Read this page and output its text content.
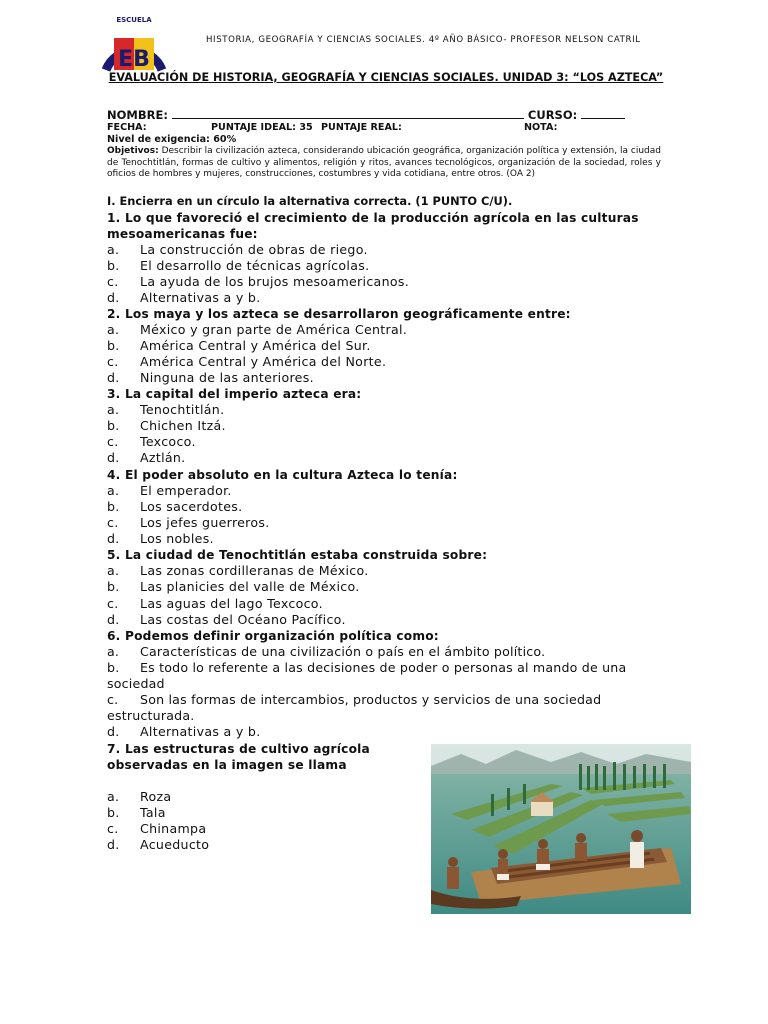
ESCUELA
EB
HISTORIA, GEOGRAFÍA Y CIENCIAS SOCIALES. 4º AÑO BÁSICO- PROFESOR NELSON CATRIL
EVALUACIÓN DE HISTORIA, GEOGRAFÍA Y CIENCIAS SOCIALES. UNIDAD 3: “LOS AZTECA”
NOMBRE:	CURSO:
FECHA:	PUNTAJE IDEAL: 35 PUNTAJE REAL:	NOTA:
Nivel de exigencia: 60%
Objetivos: Describir la civilización azteca, considerando ubicación geográfica, organización política y extensión, la ciudad de Tenochtitlán, formas de cultivo y alimentos, religión y ritos, avances tecnológicos, organización de la sociedad, roles y oficios de hombres y mujeres, construcciones, costumbres y vida cotidiana, entre otros. (OA 2)
I. Encierra en un círculo la alternativa correcta. (1 PUNTO C/U).
1. Lo que favoreció el crecimiento de la producción agrícola en las culturas mesoamericanas fue:
a. La construcción de obras de riego.
b. El desarrollo de técnicas agrícolas.
c. La ayuda de los brujos mesoamericanos.
d. Alternativas a y b.
2. Los maya y los azteca se desarrollaron geográficamente entre:
a. México y gran parte de América Central.
b. América Central y América del Sur.
c. América Central y América del Norte.
d. Ninguna de las anteriores.
3. La capital del imperio azteca era:
a. Tenochtitlán.
b. Chichen Itzá.
c. Texcoco.
d. Aztlán.
4. El poder absoluto en la cultura Azteca lo tenía:
a. El emperador.
b. Los sacerdotes.
c. Los jefes guerreros.
d. Los nobles.
5. La ciudad de Tenochtitlán estaba construida sobre:
a. Las zonas cordilleranas de México.
b. Las planicies del valle de México.
c. Las aguas del lago Texcoco.
d. Las costas del Océano Pacífico.
6. Podemos definir organización política como:
a. Características de una civilización o país en el ámbito político.
b. Es todo lo referente a las decisiones de poder o personas al mando de una sociedad
c. Son las formas de intercambios, productos y servicios de una sociedad estructurada.
d. Alternativas a y b.
7. Las estructuras de cultivo agrícola observadas en la imagen se llama
a. Roza
b. Tala
c. Chinampa
d. Acueducto
